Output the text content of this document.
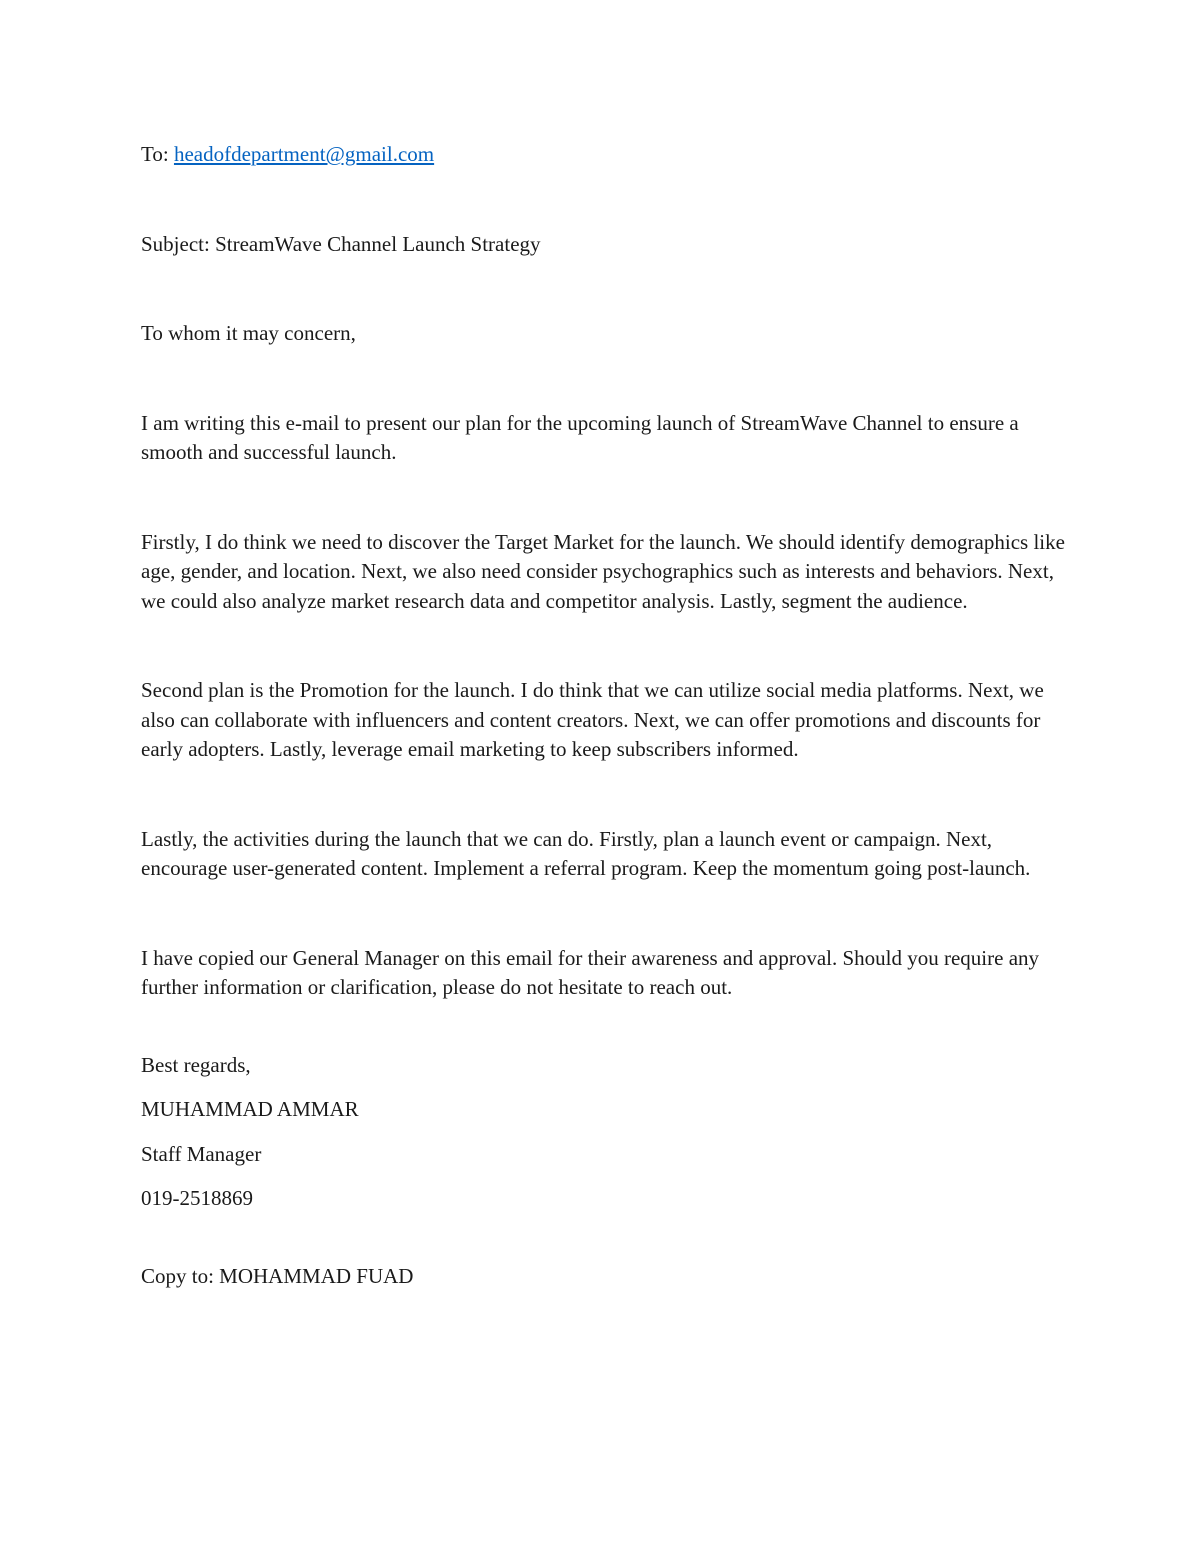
To: headofdepartment@gmail.com

Subject: StreamWave Channel Launch Strategy

To whom it may concern,

I am writing this e-mail to present our plan for the upcoming launch of StreamWave Channel to ensure a smooth and successful launch.

Firstly, I do think we need to discover the Target Market for the launch. We should identify demographics like age, gender, and location. Next, we also need consider psychographics such as interests and behaviors. Next, we could also analyze market research data and competitor analysis. Lastly, segment the audience.

Second plan is the Promotion for the launch. I do think that we can utilize social media platforms. Next, we also can collaborate with influencers and content creators. Next, we can offer promotions and discounts for early adopters. Lastly, leverage email marketing to keep subscribers informed.

Lastly, the activities during the launch that we can do. Firstly, plan a launch event or campaign. Next, encourage user-generated content. Implement a referral program. Keep the momentum going post-launch.

I have copied our General Manager on this email for their awareness and approval. Should you require any further information or clarification, please do not hesitate to reach out.

Best regards,

MUHAMMAD AMMAR

Staff Manager

019-2518869

Copy to: MOHAMMAD FUAD
